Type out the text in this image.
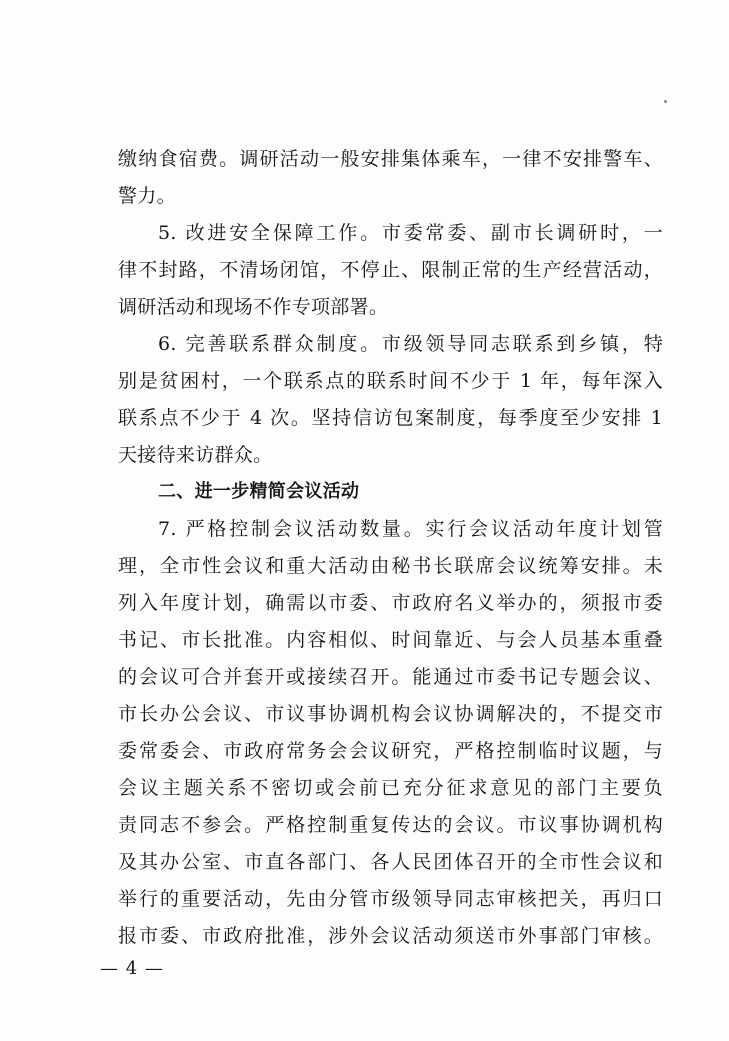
缴纳食宿费。调研活动一般安排集体乘车，一律不安排警车、
警力。
5. 改进安全保障工作。市委常委、副市长调研时，一
律不封路，不清场闭馆，不停止、限制正常的生产经营活动，
调研活动和现场不作专项部署。
6. 完善联系群众制度。市级领导同志联系到乡镇，特
别是贫困村，一个联系点的联系时间不少于 1 年，每年深入
联系点不少于 4 次。坚持信访包案制度，每季度至少安排 1
天接待来访群众。
二、进一步精简会议活动
7. 严格控制会议活动数量。实行会议活动年度计划管
理，全市性会议和重大活动由秘书长联席会议统筹安排。未
列入年度计划，确需以市委、市政府名义举办的，须报市委
书记、市长批准。内容相似、时间靠近、与会人员基本重叠
的会议可合并套开或接续召开。能通过市委书记专题会议、
市长办公会议、市议事协调机构会议协调解决的，不提交市
委常委会、市政府常务会会议研究，严格控制临时议题，与
会议主题关系不密切或会前已充分征求意见的部门主要负
责同志不参会。严格控制重复传达的会议。市议事协调机构
及其办公室、市直各部门、各人民团体召开的全市性会议和
举行的重要活动，先由分管市级领导同志审核把关，再归口
报市委、市政府批准，涉外会议活动须送市外事部门审核。
— 4 —
